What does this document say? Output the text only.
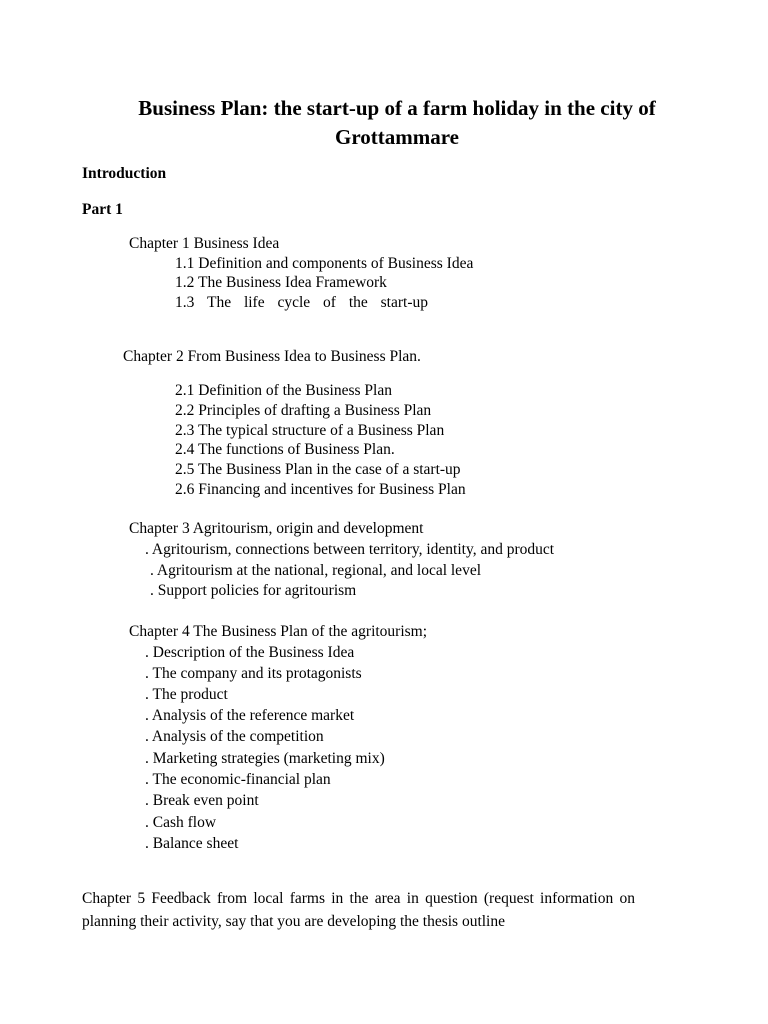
Business Plan: the start-up of a farm holiday in the city of Grottammare
Introduction
Part 1
Chapter 1 Business Idea
1.1 Definition and components of Business Idea
1.2 The Business Idea Framework
1.3 The life cycle of the start-up
Chapter 2 From Business Idea to Business Plan.
2.1 Definition of the Business Plan
2.2 Principles of drafting a Business Plan
2.3 The typical structure of a Business Plan
2.4 The functions of Business Plan.
2.5 The Business Plan in the case of a start-up
2.6 Financing and incentives for Business Plan
Chapter 3 Agritourism, origin and development
. Agritourism, connections between territory, identity, and product
. Agritourism at the national, regional, and local level
. Support policies for agritourism
Chapter 4 The Business Plan of the agritourism;
. Description of the Business Idea
. The company and its protagonists
. The product
. Analysis of the reference market
. Analysis of the competition
. Marketing strategies (marketing mix)
. The economic-financial plan
. Break even point
. Cash flow
. Balance sheet
Chapter 5 Feedback from local farms in the area in question (request information on planning their activity, say that you are developing the thesis outline
